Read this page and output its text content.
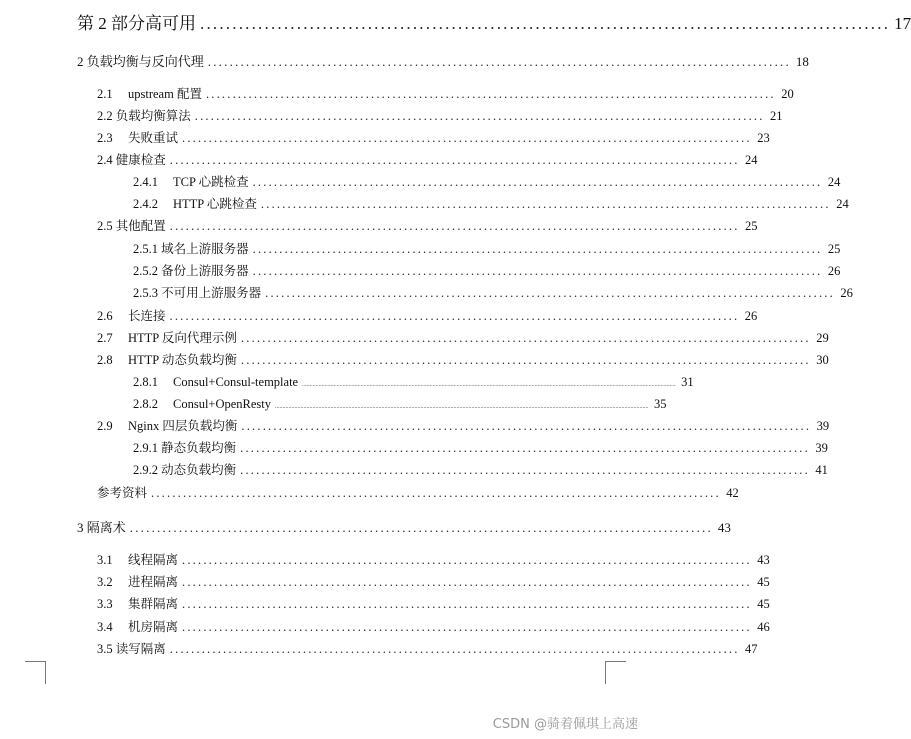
第 2 部分高可用 ........................................................................................................... 17
2 负载均衡与反向代理 ........................................................................................................... 18
2.1 upstream 配置 ........................................................................................................... 20
2.2 负载均衡算法 ........................................................................................................... 21
2.3 失败重试 ........................................................................................................... 23
2.4 健康检查 ........................................................................................................... 24
2.4.1 TCP 心跳检查 ........................................................................................................... 24
2.4.2 HTTP 心跳检查 ........................................................................................................... 24
2.5 其他配置 ........................................................................................................... 25
2.5.1 域名上游服务器 ........................................................................................................... 25
2.5.2 备份上游服务器 ........................................................................................................... 26
2.5.3 不可用上游服务器 ........................................................................................................... 26
2.6 长连接 ........................................................................................................... 26
2.7 HTTP 反向代理示例 ........................................................................................................... 29
2.8 HTTP 动态负载均衡 ........................................................................................................... 30
2.8.1 Consul+Consul-template ......................................................................................................................................................................................................................................................... 31
2.8.2 Consul+OpenResty ......................................................................................................................................................................................................................................................... 35
2.9 Nginx 四层负载均衡 ........................................................................................................... 39
2.9.1 静态负载均衡 ........................................................................................................... 39
2.9.2 动态负载均衡 ........................................................................................................... 41
参考资料 ........................................................................................................... 42
3 隔离术 ........................................................................................................... 43
3.1 线程隔离 ........................................................................................................... 43
3.2 进程隔离 ........................................................................................................... 45
3.3 集群隔离 ........................................................................................................... 45
3.4 机房隔离 ........................................................................................................... 46
3.5 读写隔离 ........................................................................................................... 47
CSDN @骑着佩琪上高速
